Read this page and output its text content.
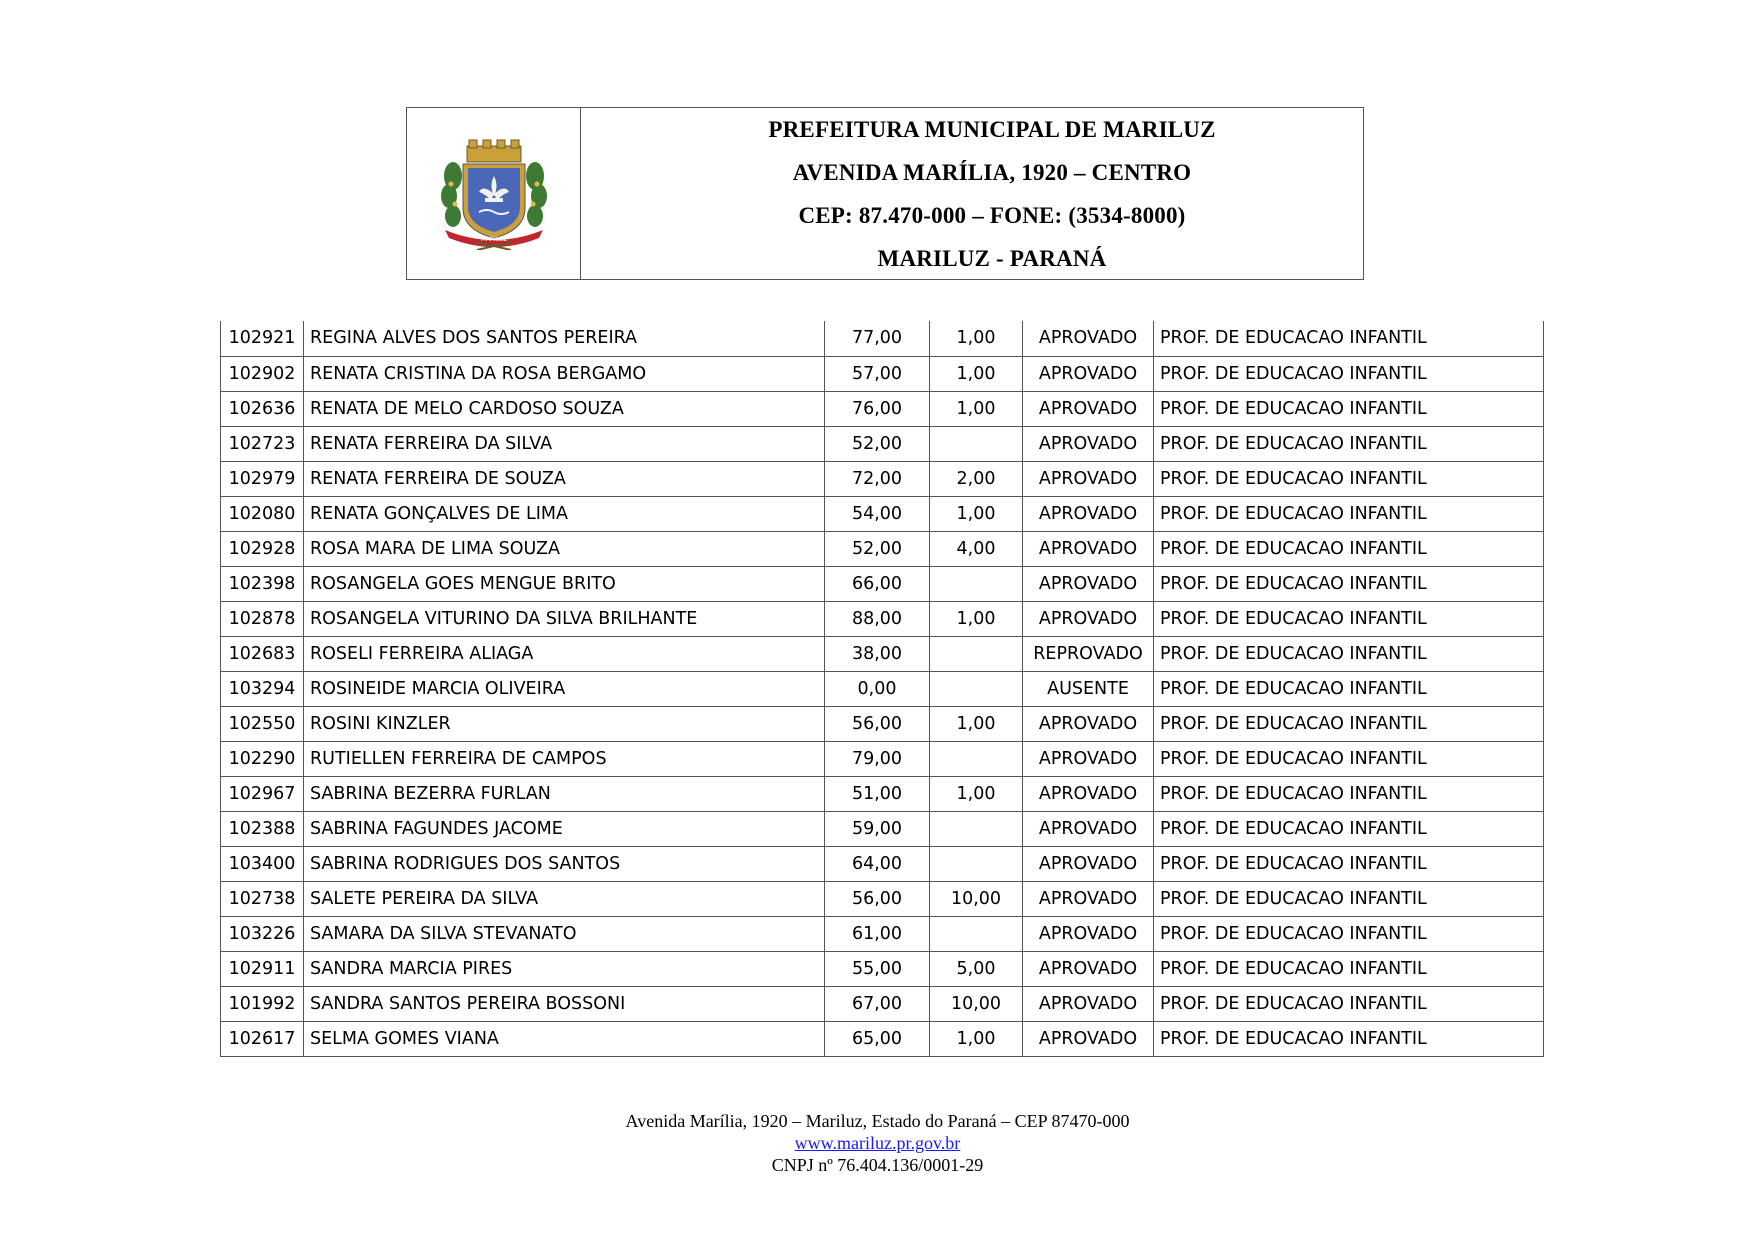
MARILUZ
PREFEITURA MUNICIPAL DE MARILUZ
AVENIDA MARÍLIA, 1920 – CENTRO
CEP: 87.470-000 – FONE: (3534-8000)
MARILUZ - PARANÁ
102921	REGINA ALVES DOS SANTOS PEREIRA	77,00	1,00	APROVADO	PROF. DE EDUCACAO INFANTIL
102902	RENATA CRISTINA DA ROSA BERGAMO	57,00	1,00	APROVADO	PROF. DE EDUCACAO INFANTIL
102636	RENATA DE MELO CARDOSO SOUZA	76,00	1,00	APROVADO	PROF. DE EDUCACAO INFANTIL
102723	RENATA FERREIRA DA SILVA	52,00		APROVADO	PROF. DE EDUCACAO INFANTIL
102979	RENATA FERREIRA DE SOUZA	72,00	2,00	APROVADO	PROF. DE EDUCACAO INFANTIL
102080	RENATA GONÇALVES DE LIMA	54,00	1,00	APROVADO	PROF. DE EDUCACAO INFANTIL
102928	ROSA MARA DE LIMA SOUZA	52,00	4,00	APROVADO	PROF. DE EDUCACAO INFANTIL
102398	ROSANGELA GOES MENGUE BRITO	66,00		APROVADO	PROF. DE EDUCACAO INFANTIL
102878	ROSANGELA VITURINO DA SILVA BRILHANTE	88,00	1,00	APROVADO	PROF. DE EDUCACAO INFANTIL
102683	ROSELI FERREIRA ALIAGA	38,00		REPROVADO	PROF. DE EDUCACAO INFANTIL
103294	ROSINEIDE MARCIA OLIVEIRA	0,00		AUSENTE	PROF. DE EDUCACAO INFANTIL
102550	ROSINI KINZLER	56,00	1,00	APROVADO	PROF. DE EDUCACAO INFANTIL
102290	RUTIELLEN FERREIRA DE CAMPOS	79,00		APROVADO	PROF. DE EDUCACAO INFANTIL
102967	SABRINA BEZERRA FURLAN	51,00	1,00	APROVADO	PROF. DE EDUCACAO INFANTIL
102388	SABRINA FAGUNDES JACOME	59,00		APROVADO	PROF. DE EDUCACAO INFANTIL
103400	SABRINA RODRIGUES DOS SANTOS	64,00		APROVADO	PROF. DE EDUCACAO INFANTIL
102738	SALETE PEREIRA DA SILVA	56,00	10,00	APROVADO	PROF. DE EDUCACAO INFANTIL
103226	SAMARA DA SILVA STEVANATO	61,00		APROVADO	PROF. DE EDUCACAO INFANTIL
102911	SANDRA MARCIA PIRES	55,00	5,00	APROVADO	PROF. DE EDUCACAO INFANTIL
101992	SANDRA SANTOS PEREIRA BOSSONI	67,00	10,00	APROVADO	PROF. DE EDUCACAO INFANTIL
102617	SELMA GOMES VIANA	65,00	1,00	APROVADO	PROF. DE EDUCACAO INFANTIL
Avenida Marília, 1920 – Mariluz, Estado do Paraná – CEP 87470-000
www.mariluz.pr.gov.br
CNPJ nº 76.404.136/0001-29
